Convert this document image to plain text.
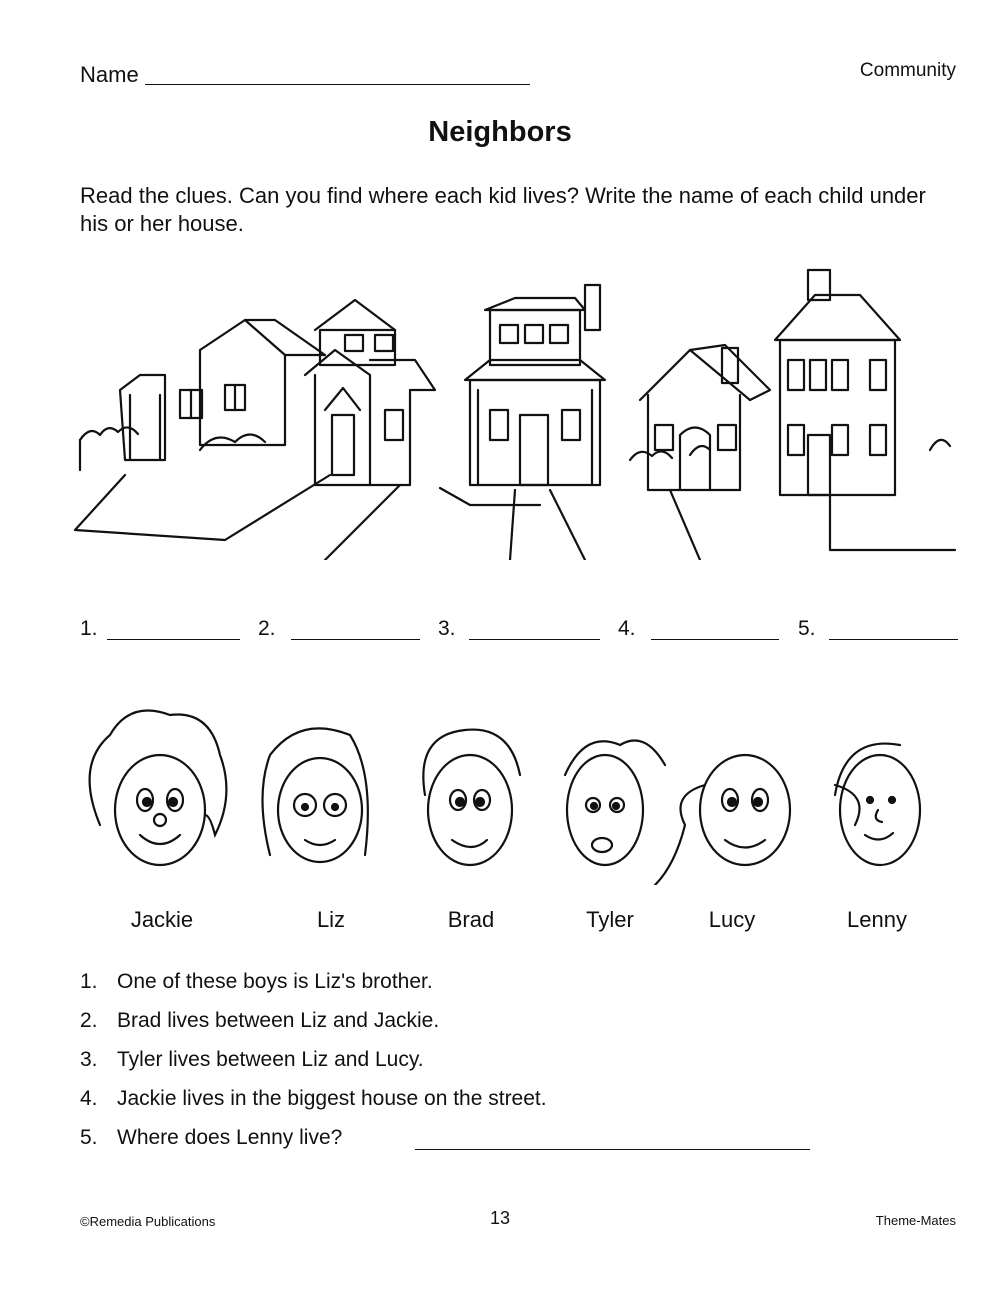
Name	Community
Neighbors
Read the clues. Can you find where each kid lives? Write the name of each child under his or her house.
1.	2.	3.	4.	5.
Jackie	Liz	Brad	Tyler	Lucy	Lenny
1. One of these boys is Liz's brother.
2. Brad lives between Liz and Jackie.
3. Tyler lives between Liz and Lucy.
4. Jackie lives in the biggest house on the street.
5. Where does Lenny live?
©Remedia Publications	13	Theme-Mates
